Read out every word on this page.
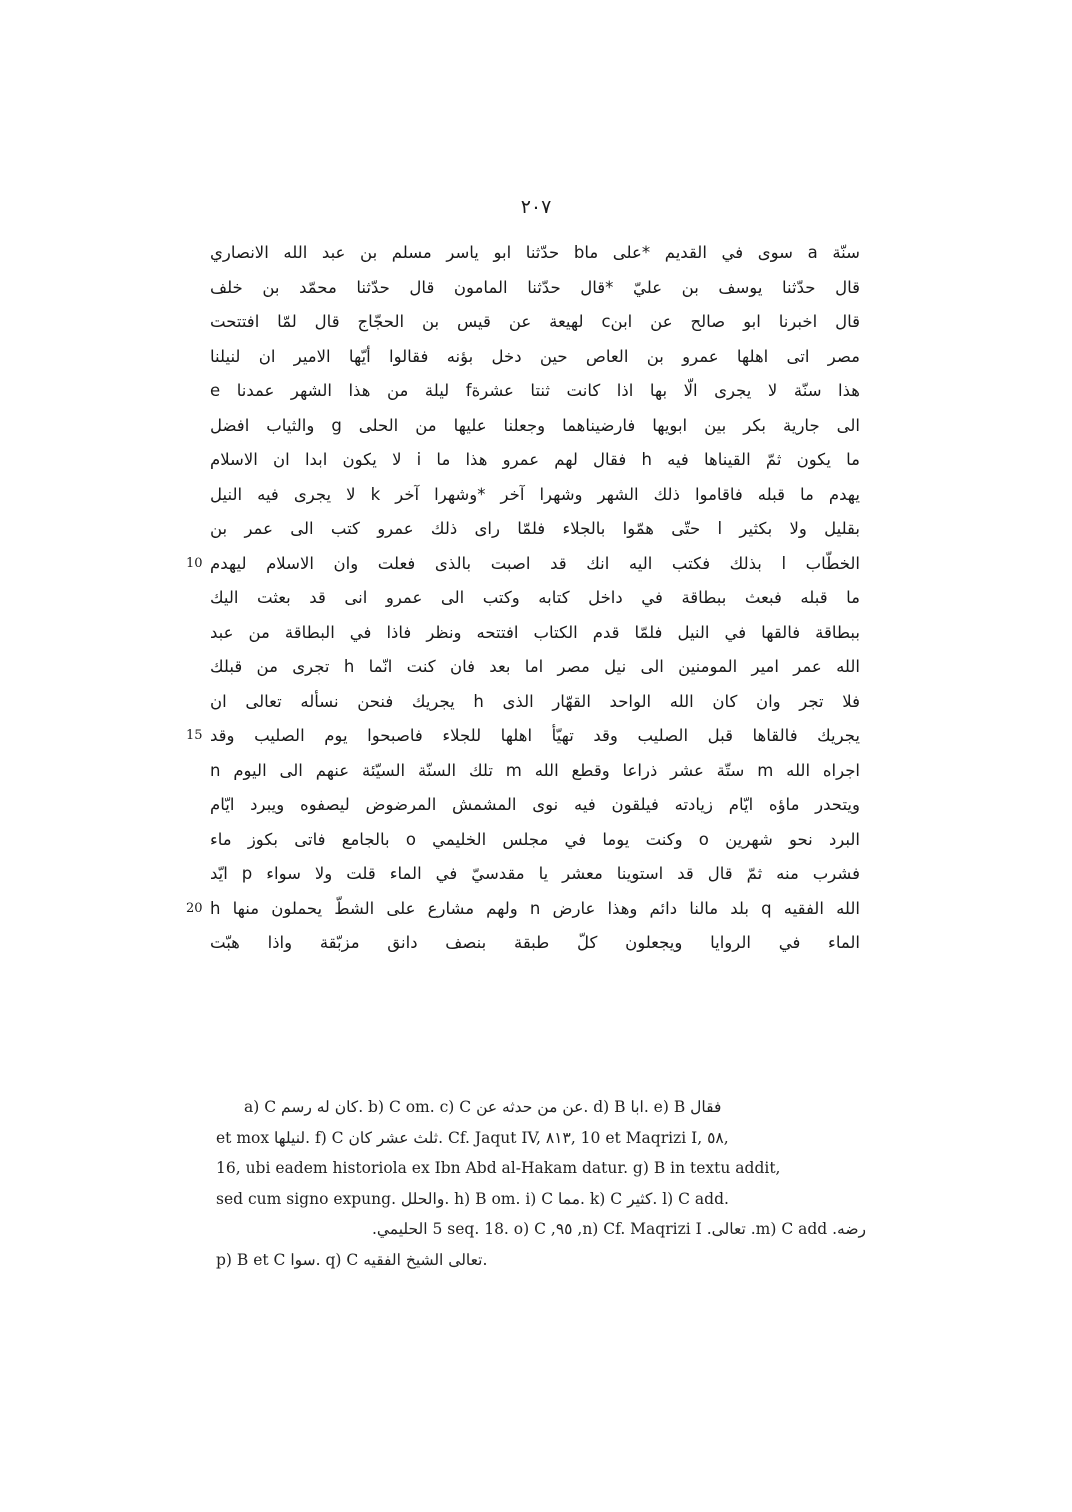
٢٠٧
سنّة a سوى في القديم *على ماb حدّثنا ابو ياسر مسلم بن عبد الله الانصاري
قال حدّثنا يوسف بن عليّ *قال حدّثنا المامون قال حدّثنا محمّد بن خلف
قال اخبرنا ابو صالح عن ابنc لهيعة عن قيس بن الحجّاج قال لمّا افتتحت
مصر اتى اهلها عمرو بن العاص حين دخل بؤنه فقالوا أيّها الامير ان لنيلنا
هذا سنّة لا يجرى الّا بها اذا كانت ثنتا عشرةf ليلة من هذا الشهر عمدنا e
الى جارية بكر بين ابويها فارضيناهما وجعلنا عليها من الحلى g والثياب افضل
ما يكون ثمّ القيناها فيه h فقال لهم عمرو هذا ما i لا يكون ابدا ان الاسلام
يهدم ما قبله فاقاموا ذلك الشهر وشهرا آخر *وشهرا آخر k لا يجرى فيه النيل
بقليل ولا بكثير l حتّى همّوا بالجلاء فلمّا راى ذلك عمرو كتب الى عمر بن
الخطّاب l بذلك فكتب اليه انك قد اصبت بالذى فعلت وان الاسلام ليهدم
10
ما قبله فبعث ببطاقة في داخل كتابه وكتب الى عمرو انى قد بعثت اليك
ببطاقة فالقها في النيل فلمّا قدم الكتاب افتتحه ونظر فاذا في البطاقة من عبد
الله عمر امير المومنين الى نيل مصر اما بعد فان كنت انّما h تجرى من قبلك
فلا تجر وان كان الله الواحد القهّار الذى h يجريك فنحن نسأله تعالى ان
يجريك فالقاها قبل الصليب وقد تهيّأ اهلها للجلاء فاصبحوا يوم الصليب وقد
15
اجراه الله m ستّة عشر ذراعا وقطع الله m تلك السنّة السيّئة عنهم الى اليوم n
ويتحدر ماؤه ايّام زيادته فيلقون فيه نوى المشمش المرضوض ليصفوه ويبرد ايّام
البرد نحو شهرين o وكنت يوما في مجلس الخليمي o بالجامع فاتى بكوز ماء
فشرب منه ثمّ قال قد استوينا معشر يا مقدسيّ في الماء قلت ولا سواء p ايّد
الله الفقيه q بلد مالنا دائم وهذا عارض n ولهم مشارع على الشطّ يحملون منها h
20
الماء في الروايا ويجعلون كلّ طبقة بنصف دانق مزبّقة واذا هبّت
a) C كان له رسم. b) C om. c) C عن من حدثه عن. d) B ابا. e) B فقال
et mox لنيلها. f) C ثلث عشر كان. Cf. Jaqut IV, ٨١٣, 10 et Maqrizi I, ٥٨,
16, ubi eadem historiola ex Ibn Abd al-Hakam datur. g) B in textu addit,
sed cum signo expung. والحلل. h) B om. i) C مما. k) C كثير. l) C add.
رضه. m) C add. تعالى. n) Cf. Maqrizi I, ٩٥, 5 seq. 18. o) C الحليمي.
p) B et C سوا. q) C تعالى الشيخ الفقيه.
